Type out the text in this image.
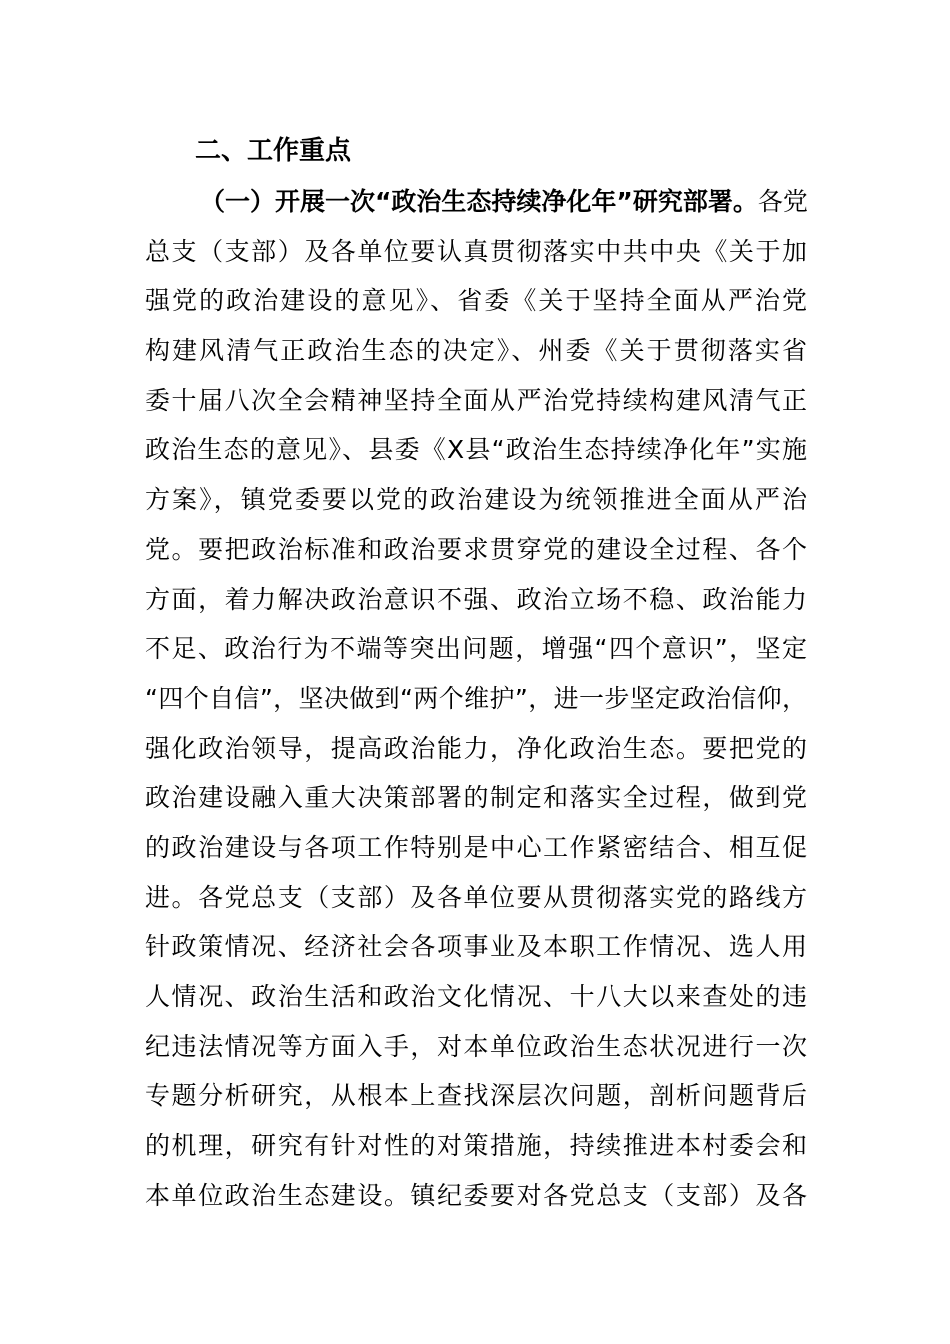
二、工作重点
（一）开展一次“政治生态持续净化年”研究部署。各党
总支（支部）及各单位要认真贯彻落实中共中央《关于加
强党的政治建设的意见》、省委《关于坚持全面从严治党
构建风清气正政治生态的决定》、州委《关于贯彻落实省
委十届八次全会精神坚持全面从严治党持续构建风清气正
政治生态的意见》、县委《X县“政治生态持续净化年”实施
方案》，镇党委要以党的政治建设为统领推进全面从严治
党。要把政治标准和政治要求贯穿党的建设全过程、各个
方面，着力解决政治意识不强、政治立场不稳、政治能力
不足、政治行为不端等突出问题，增强“四个意识”，坚定
“四个自信”，坚决做到“两个维护”，进一步坚定政治信仰，
强化政治领导，提高政治能力，净化政治生态。要把党的
政治建设融入重大决策部署的制定和落实全过程，做到党
的政治建设与各项工作特别是中心工作紧密结合、相互促
进。各党总支（支部）及各单位要从贯彻落实党的路线方
针政策情况、经济社会各项事业及本职工作情况、选人用
人情况、政治生活和政治文化情况、十八大以来查处的违
纪违法情况等方面入手，对本单位政治生态状况进行一次
专题分析研究，从根本上查找深层次问题，剖析问题背后
的机理，研究有针对性的对策措施，持续推进本村委会和
本单位政治生态建设。镇纪委要对各党总支（支部）及各
